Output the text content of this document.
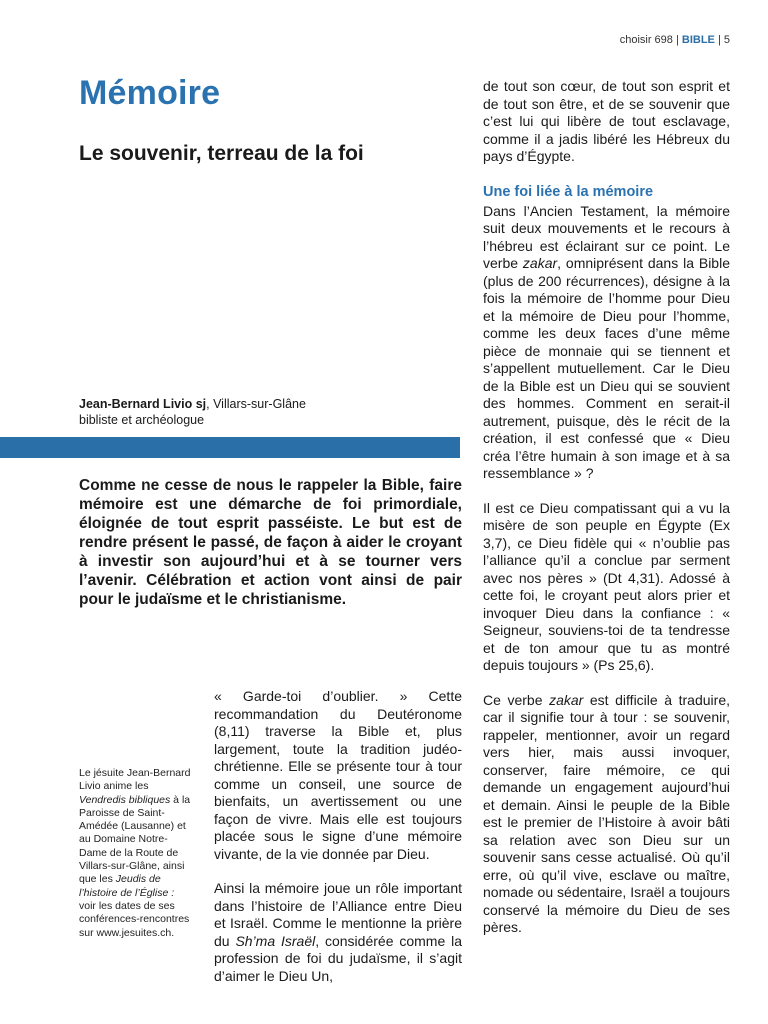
choisir 698 | BIBLE | 5
Mémoire
Le souvenir, terreau de la foi
Jean-Bernard Livio sj, Villars-sur-Glâne
bibliste et archéologue

Comme ne cesse de nous le rappeler la Bible, faire mémoire est une démarche de foi primordiale, éloignée de tout esprit passéiste. Le but est de rendre présent le passé, de façon à aider le croyant à investir son aujourd’hui et à se tourner vers l’avenir. Célébration et action vont ainsi de pair pour le judaïsme et le christianisme.

Le jésuite Jean-Bernard Livio anime les Vendredis bibliques à la Paroisse de Saint-Amédée (Lausanne) et au Domaine Notre-Dame de la Route de Villars-sur-Glâne, ainsi que les Jeudis de l’histoire de l’Église : voir les dates de ses conférences-rencontres sur www.jesuites.ch.

« Garde-toi d’oublier. » Cette recommandation du Deutéronome (8,11) traverse la Bible et, plus largement, toute la tradition judéo-chrétienne. Elle se présente tour à tour comme un conseil, une source de bienfaits, un avertissement ou une façon de vivre. Mais elle est toujours placée sous le signe d’une mémoire vivante, de la vie donnée par Dieu.

Ainsi la mémoire joue un rôle important dans l’histoire de l’Alliance entre Dieu et Israël. Comme le mentionne la prière du Sh’ma Israël, considérée comme la profession de foi du judaïsme, il s’agit d’aimer le Dieu Un,

de tout son cœur, de tout son esprit et de tout son être, et de se souvenir que c’est lui qui libère de tout esclavage, comme il a jadis libéré les Hébreux du pays d’Égypte.

Une foi liée à la mémoire

Dans l’Ancien Testament, la mémoire suit deux mouvements et le recours à l’hébreu est éclairant sur ce point. Le verbe zakar, omniprésent dans la Bible (plus de 200 récurrences), désigne à la fois la mémoire de l’homme pour Dieu et la mémoire de Dieu pour l’homme, comme les deux faces d’une même pièce de monnaie qui se tiennent et s’appellent mutuellement. Car le Dieu de la Bible est un Dieu qui se souvient des hommes. Comment en serait-il autrement, puisque, dès le récit de la création, il est confessé que « Dieu créa l’être humain à son image et à sa ressemblance » ?

Il est ce Dieu compatissant qui a vu la misère de son peuple en Égypte (Ex 3,7), ce Dieu fidèle qui « n’oublie pas l’alliance qu’il a conclue par serment avec nos pères » (Dt 4,31). Adossé à cette foi, le croyant peut alors prier et invoquer Dieu dans la confiance : « Seigneur, souviens-toi de ta tendresse et de ton amour que tu as montré depuis toujours » (Ps 25,6).

Ce verbe zakar est difficile à traduire, car il signifie tour à tour : se souvenir, rappeler, mentionner, avoir un regard vers hier, mais aussi invoquer, conserver, faire mémoire, ce qui demande un engagement aujourd’hui et demain. Ainsi le peuple de la Bible est le premier de l’Histoire à avoir bâti sa relation avec son Dieu sur un souvenir sans cesse actualisé. Où qu’il erre, où qu’il vive, esclave ou maître, nomade ou sédentaire, Israël a toujours conservé la mémoire du Dieu de ses pères.
